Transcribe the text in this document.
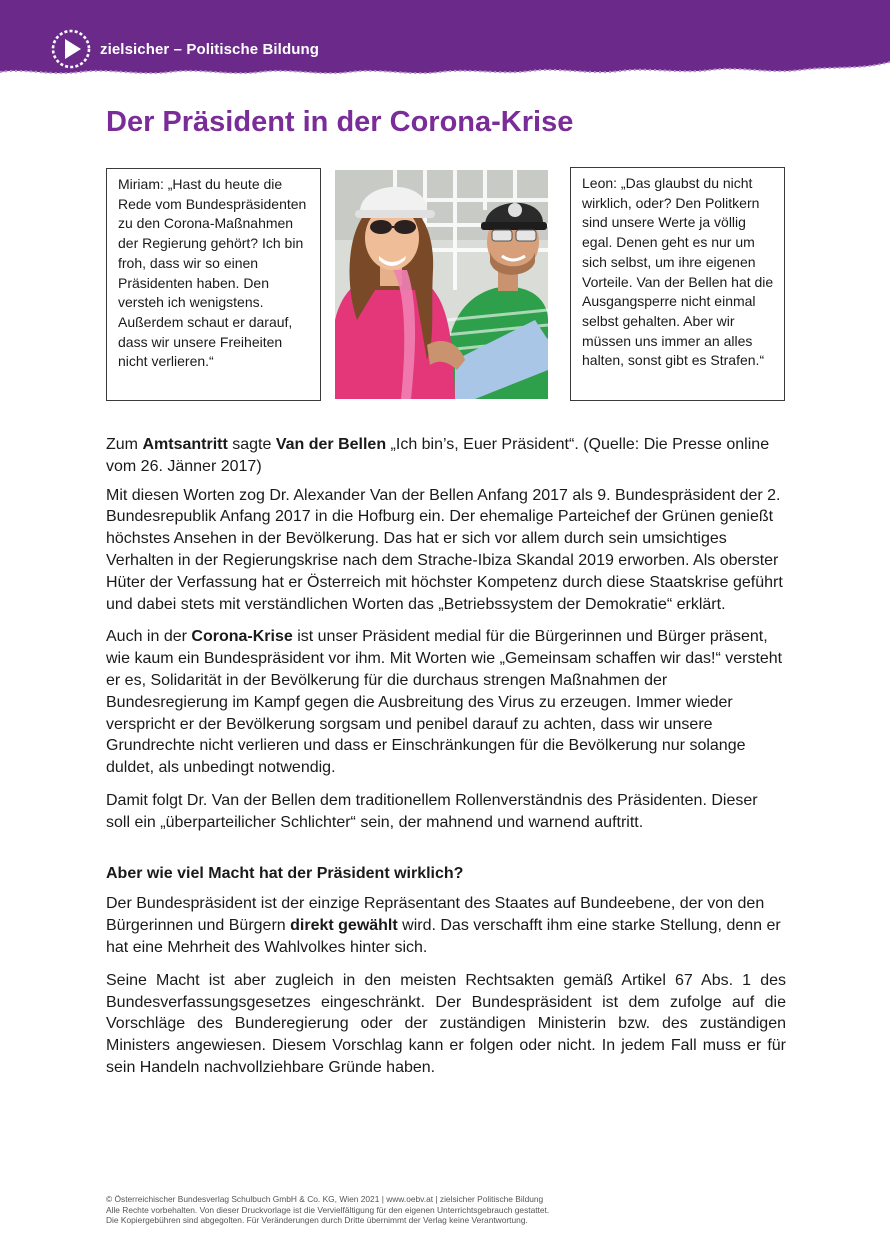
zielsicher – Politische Bildung
Der Präsident in der Corona-Krise
Miriam: „Hast du heute die Rede vom Bundespräsidenten zu den Corona-Maßnahmen der Regierung gehört? Ich bin froh, dass wir so einen Präsidenten haben. Den versteh ich wenigstens. Außerdem schaut er darauf, dass wir unsere Freiheiten nicht verlieren.“
Leon: „Das glaubst du nicht wirklich, oder? Den Politkern sind unsere Werte ja völlig egal. Denen geht es nur um sich selbst, um ihre eigenen Vorteile. Van der Bellen hat die Ausgangsperre nicht einmal selbst gehalten. Aber wir müssen uns immer an alles halten, sonst gibt es Strafen.“

Zum Amtsantritt sagte Van der Bellen „Ich bin’s, Euer Präsident“. (Quelle: Die Presse online vom 26. Jänner 2017)

Mit diesen Worten zog Dr. Alexander Van der Bellen Anfang 2017 als 9. Bundespräsident der 2. Bundesrepublik Anfang 2017 in die Hofburg ein. Der ehemalige Parteichef der Grünen genießt höchstes Ansehen in der Bevölkerung. Das hat er sich vor allem durch sein umsichtiges Verhalten in der Regierungskrise nach dem Strache-Ibiza Skandal 2019 erworben. Als oberster Hüter der Verfassung hat er Österreich mit höchster Kompetenz durch diese Staatskrise geführt und dabei stets mit verständlichen Worten das „Betriebssystem der Demokratie“ erklärt.

Auch in der Corona-Krise ist unser Präsident medial für die Bürgerinnen und Bürger präsent, wie kaum ein Bundespräsident vor ihm. Mit Worten wie „Gemeinsam schaffen wir das!“ versteht er es, Solidarität in der Bevölkerung für die durchaus strengen Maßnahmen der Bundesregierung im Kampf gegen die Ausbreitung des Virus zu erzeugen. Immer wieder verspricht er der Bevölkerung sorgsam und penibel darauf zu achten, dass wir unsere Grundrechte nicht verlieren und dass er Einschränkungen für die Bevölkerung nur solange duldet, als unbedingt notwendig.

Damit folgt Dr. Van der Bellen dem traditionellem Rollenverständnis des Präsidenten. Dieser soll ein „überparteilicher Schlichter“ sein, der mahnend und warnend auftritt.

Aber wie viel Macht hat der Präsident wirklich?

Der Bundespräsident ist der einzige Repräsentant des Staates auf Bundeebene, der von den Bürgerinnen und Bürgern direkt gewählt wird. Das verschafft ihm eine starke Stellung, denn er hat eine Mehrheit des Wahlvolkes hinter sich.

Seine Macht ist aber zugleich in den meisten Rechtsakten gemäß Artikel 67 Abs. 1 des Bundesverfassungsgesetzes eingeschränkt. Der Bundespräsident ist dem zufolge auf die Vorschläge des Bunderegierung oder der zuständigen Ministerin bzw. des zuständigen Ministers angewiesen. Diesem Vorschlag kann er folgen oder nicht. In jedem Fall muss er für sein Handeln nachvollziehbare Gründe haben.

© Österreichischer Bundesverlag Schulbuch GmbH & Co. KG, Wien 2021 | www.oebv.at | zielsicher Politische Bildung
Alle Rechte vorbehalten. Von dieser Druckvorlage ist die Vervielfältigung für den eigenen Unterrichtsgebrauch gestattet.
Die Kopiergebühren sind abgegolten. Für Veränderungen durch Dritte übernimmt der Verlag keine Verantwortung.
